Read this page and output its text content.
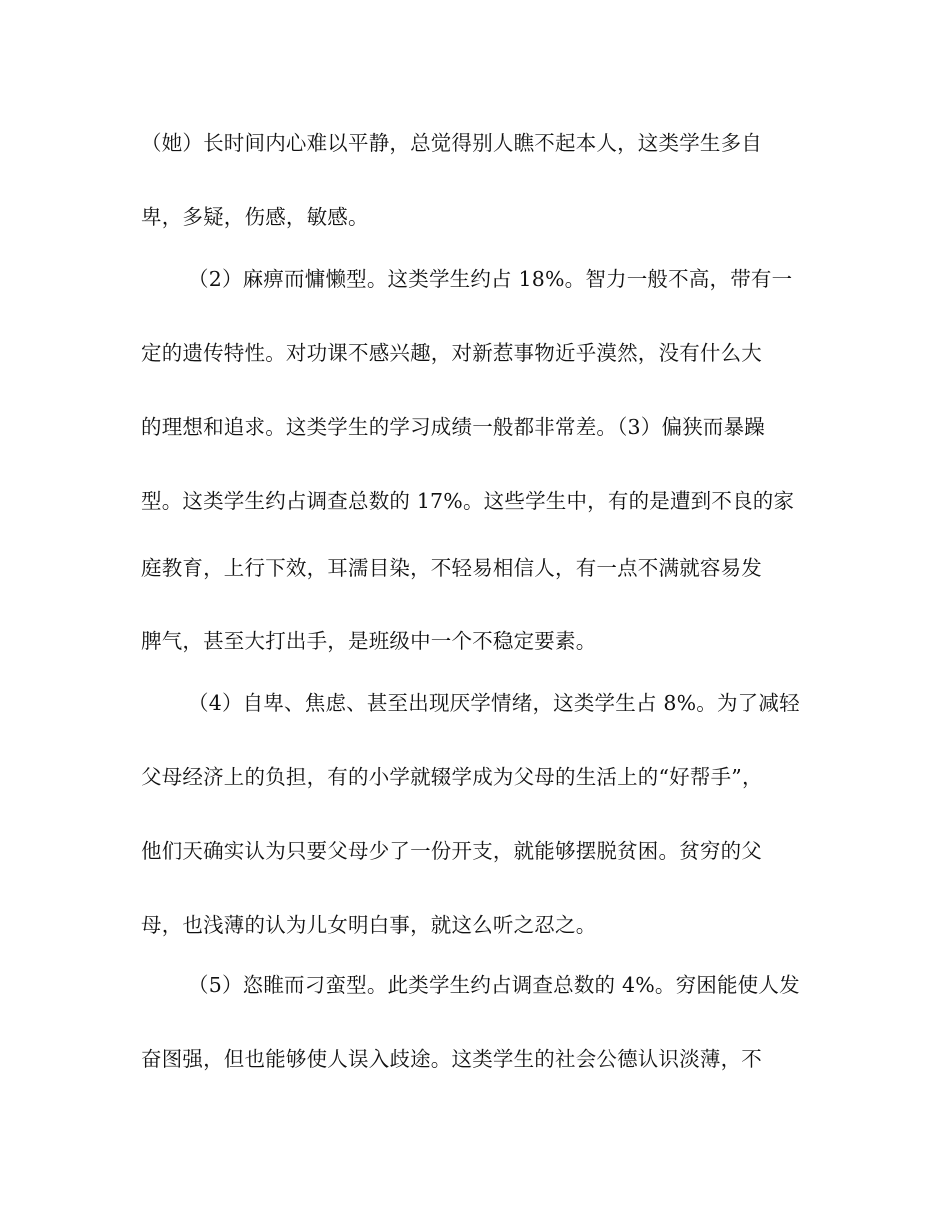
（她）长时间内心难以平静，总觉得别人瞧不起本人，这类学生多自
卑，多疑，伤感，敏感。
（2）麻痹而慵懒型。这类学生约占 18%。智力一般不高，带有一
定的遗传特性。对功课不感兴趣，对新惹事物近乎漠然，没有什么大
的理想和追求。这类学生的学习成绩一般都非常差。（3）偏狭而暴躁
型。这类学生约占调查总数的 17%。这些学生中，有的是遭到不良的家
庭教育，上行下效，耳濡目染，不轻易相信人，有一点不满就容易发
脾气，甚至大打出手，是班级中一个不稳定要素。
（4）自卑、焦虑、甚至出现厌学情绪，这类学生占 8%。为了减轻
父母经济上的负担，有的小学就辍学成为父母的生活上的“好帮手”，
他们天确实认为只要父母少了一份开支，就能够摆脱贫困。贫穷的父
母，也浅薄的认为儿女明白事，就这么听之忍之。
（5）恣睢而刁蛮型。此类学生约占调查总数的 4%。穷困能使人发
奋图强，但也能够使人误入歧途。这类学生的社会公德认识淡薄，不
